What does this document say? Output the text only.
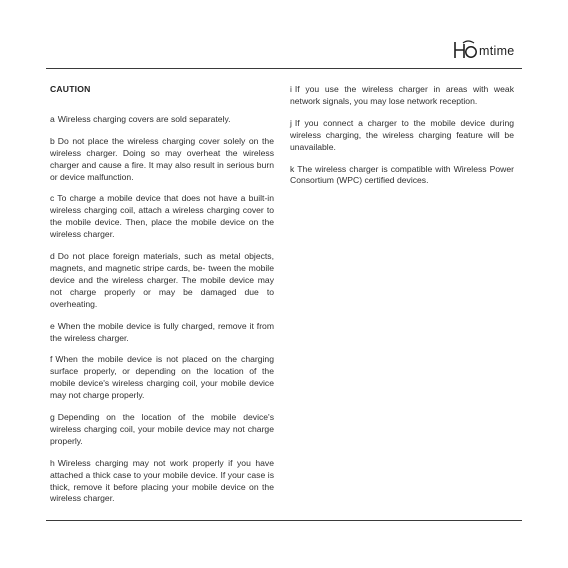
mtime
CAUTION

a Wireless charging covers are sold separately.

b Do not place the wireless charging cover solely on the wireless charger. Doing so may overheat the wireless charger and cause a fire. It may also result in serious burn or device malfunction.

c To charge a mobile device that does not have a built-in wireless charging coil, attach a wireless charging cover to the mobile device. Then, place the mobile device on the wireless charger.

d Do not place foreign materials, such as metal objects, magnets, and magnetic stripe cards, be- tween the mobile device and the wireless charger. The mobile device may not charge properly or may be damaged due to overheating.

e When the mobile device is fully charged, remove it from the wireless charger.

f When the mobile device is not placed on the charging surface properly, or depending on the location of the mobile device's wireless charging coil, your mobile device may not charge properly.

g Depending on the location of the mobile device's wireless charging coil, your mobile device may not charge properly.

h Wireless charging may not work properly if you have attached a thick case to your mobile device. If your case is thick, remove it before placing your mobile device on the wireless charger.

i If you use the wireless charger in areas with weak network signals, you may lose network reception.

j If you connect a charger to the mobile device during wireless charging, the wireless charging feature will be unavailable.

k The wireless charger is compatible with Wireless Power Consortium (WPC) certified devices.
